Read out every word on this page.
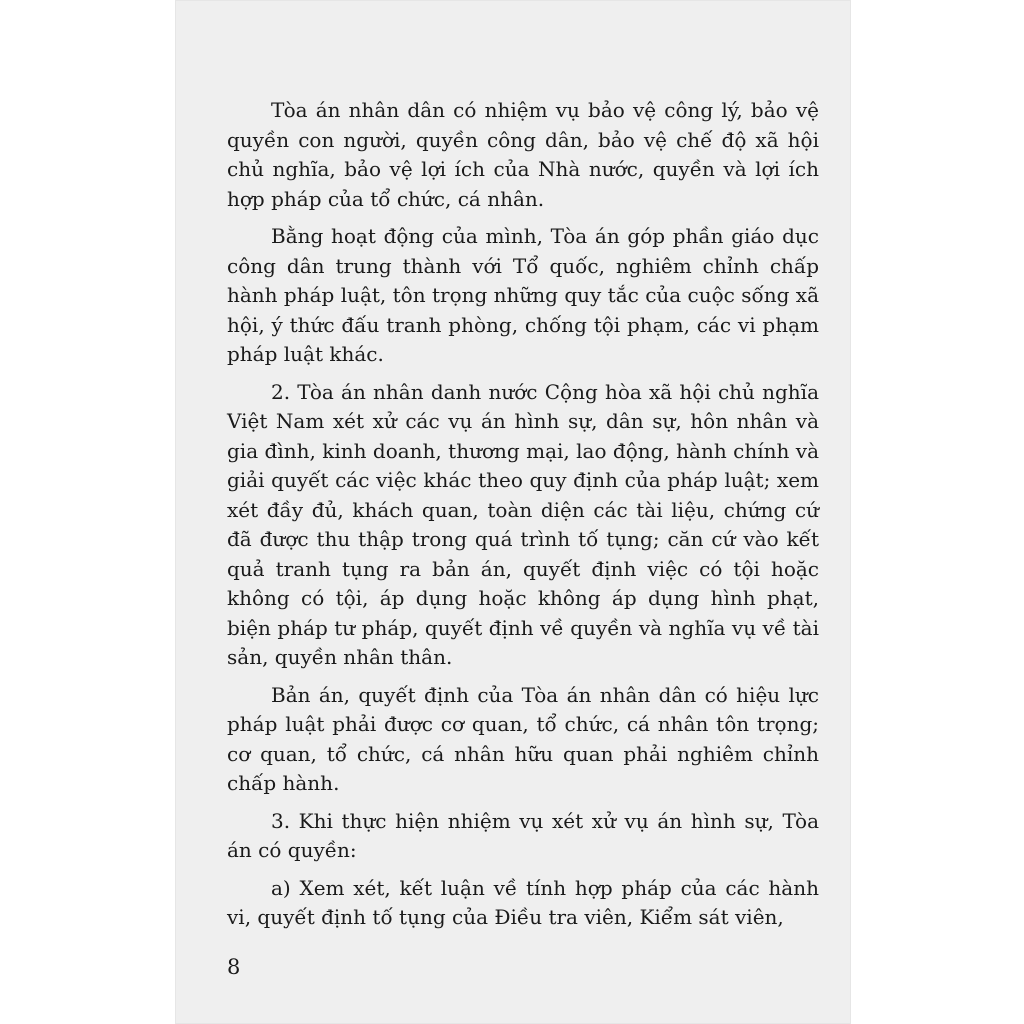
Tòa án nhân dân có nhiệm vụ bảo vệ công lý, bảo vệ quyền con người, quyền công dân, bảo vệ chế độ xã hội chủ nghĩa, bảo vệ lợi ích của Nhà nước, quyền và lợi ích hợp pháp của tổ chức, cá nhân.

Bằng hoạt động của mình, Tòa án góp phần giáo dục công dân trung thành với Tổ quốc, nghiêm chỉnh chấp hành pháp luật, tôn trọng những quy tắc của cuộc sống xã hội, ý thức đấu tranh phòng, chống tội phạm, các vi phạm pháp luật khác.

2. Tòa án nhân danh nước Cộng hòa xã hội chủ nghĩa Việt Nam xét xử các vụ án hình sự, dân sự, hôn nhân và gia đình, kinh doanh, thương mại, lao động, hành chính và giải quyết các việc khác theo quy định của pháp luật; xem xét đầy đủ, khách quan, toàn diện các tài liệu, chứng cứ đã được thu thập trong quá trình tố tụng; căn cứ vào kết quả tranh tụng ra bản án, quyết định việc có tội hoặc không có tội, áp dụng hoặc không áp dụng hình phạt, biện pháp tư pháp, quyết định về quyền và nghĩa vụ về tài sản, quyền nhân thân.

Bản án, quyết định của Tòa án nhân dân có hiệu lực pháp luật phải được cơ quan, tổ chức, cá nhân tôn trọng; cơ quan, tổ chức, cá nhân hữu quan phải nghiêm chỉnh chấp hành.

3. Khi thực hiện nhiệm vụ xét xử vụ án hình sự, Tòa án có quyền:

a) Xem xét, kết luận về tính hợp pháp của các hành vi, quyết định tố tụng của Điều tra viên, Kiểm sát viên,

8
